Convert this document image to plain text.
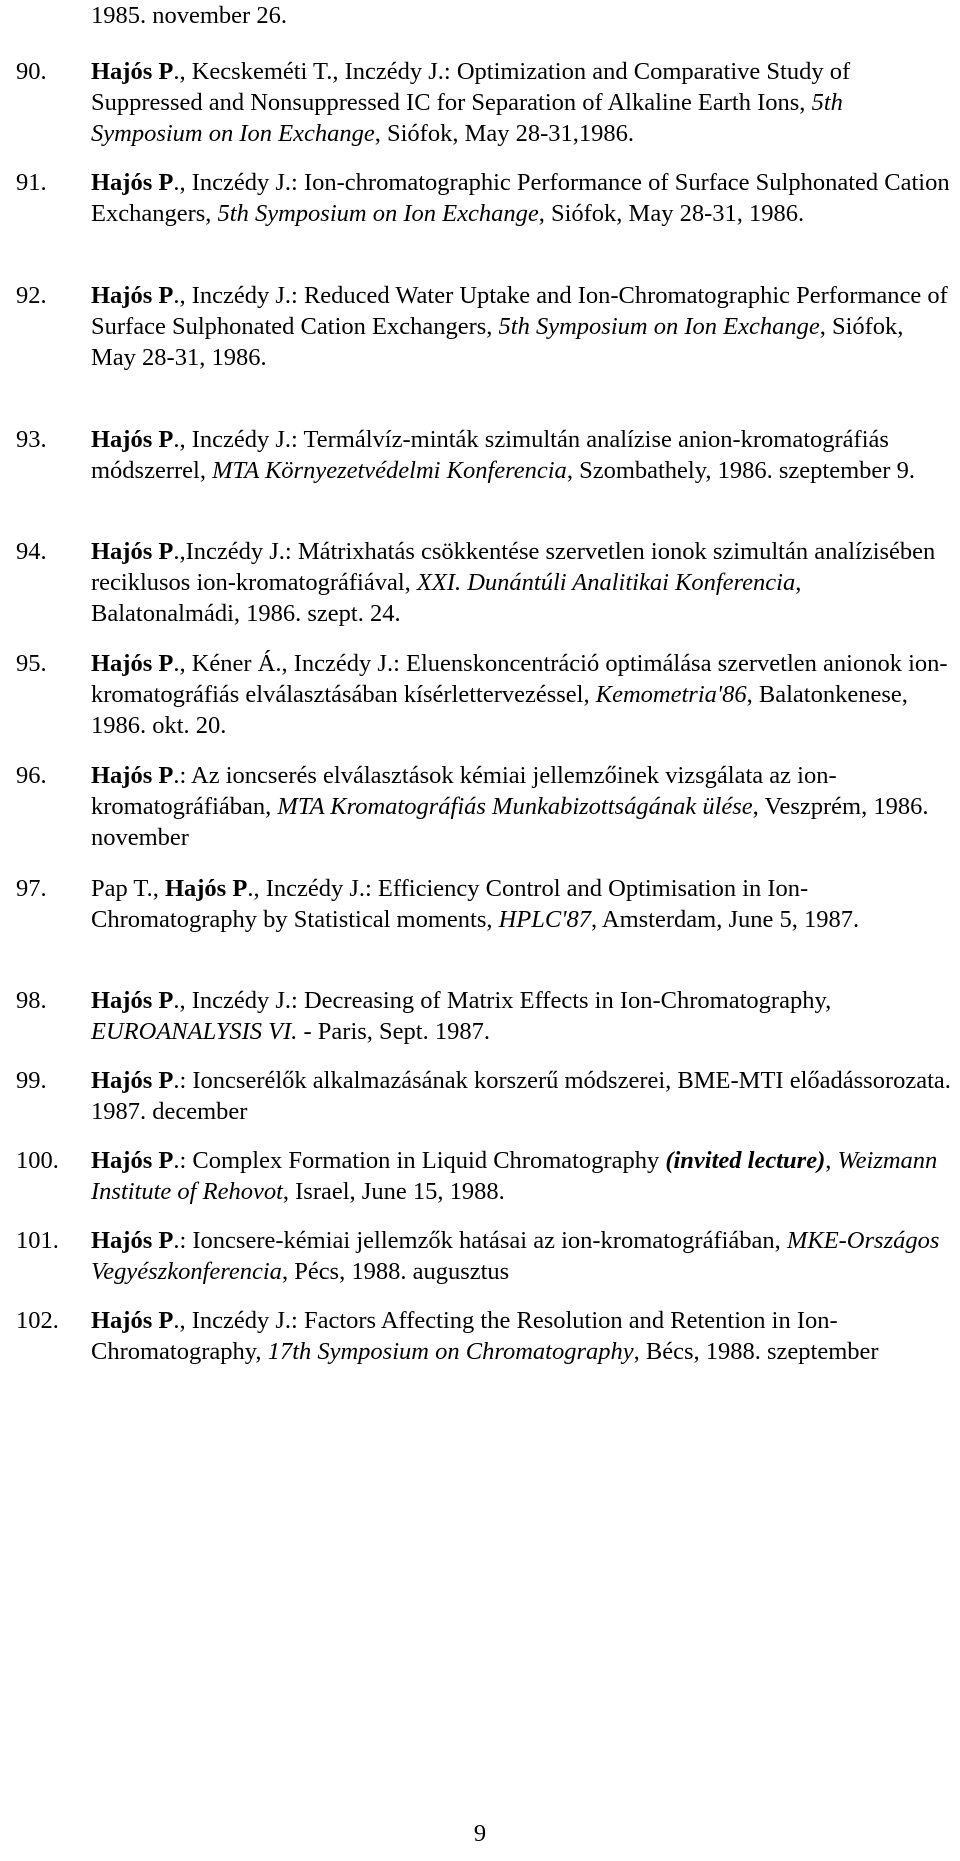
1985. november 26.

90. Hajós P., Kecskeméti T., Inczédy J.: Optimization and Comparative Study of Suppressed and Nonsuppressed IC for Separation of Alkaline Earth Ions, 5th Symposium on Ion Exchange, Siófok, May 28-31,1986.

91. Hajós P., Inczédy J.: Ion-chromatographic Performance of Surface Sulphonated Cation Exchangers, 5th Symposium on Ion Exchange, Siófok, May 28-31, 1986.

92. Hajós P., Inczédy J.: Reduced Water Uptake and Ion-Chromatographic Performance of Surface Sulphonated Cation Exchangers, 5th Symposium on Ion Exchange, Siófok, May 28-31, 1986.

93. Hajós P., Inczédy J.: Termálvíz-minták szimultán analízise anion-kromatográfiás módszerrel, MTA Környezetvédelmi Konferencia, Szombathely, 1986. szeptember 9.

94. Hajós P.,Inczédy J.: Mátrixhatás csökkentése szervetlen ionok szimultán analízisében reciklusos ion-kromatográfiával, XXI. Dunántúli Analitikai Konferencia, Balatonalmádi, 1986. szept. 24.

95. Hajós P., Kéner Á., Inczédy J.: Eluenskoncentráció optimálása szervetlen anionok ion-kromatográfiás elválasztásában kísérlettervezéssel, Kemometria'86, Balatonkenese, 1986. okt. 20.

96. Hajós P.: Az ioncserés elválasztások kémiai jellemzőinek vizsgálata az ion-kromatográfiában, MTA Kromatográfiás Munkabizottságának ülése, Veszprém, 1986. november

97. Pap T., Hajós P., Inczédy J.: Efficiency Control and Optimisation in Ion-Chromatography by Statistical moments, HPLC'87, Amsterdam, June 5, 1987.

98. Hajós P., Inczédy J.: Decreasing of Matrix Effects in Ion-Chromatography, EUROANALYSIS VI. - Paris, Sept. 1987.

99. Hajós P.: Ioncserélők alkalmazásának korszerű módszerei, BME-MTI előadássorozata. 1987. december

100. Hajós P.: Complex Formation in Liquid Chromatography (invited lecture), Weizmann Institute of Rehovot, Israel, June 15, 1988.

101. Hajós P.: Ioncsere-kémiai jellemzők hatásai az ion-kromatográfiában, MKE-Országos Vegyészkonferencia, Pécs, 1988. augusztus

102. Hajós P., Inczédy J.: Factors Affecting the Resolution and Retention in Ion- Chromatography, 17th Symposium on Chromatography, Bécs, 1988. szeptember

9
